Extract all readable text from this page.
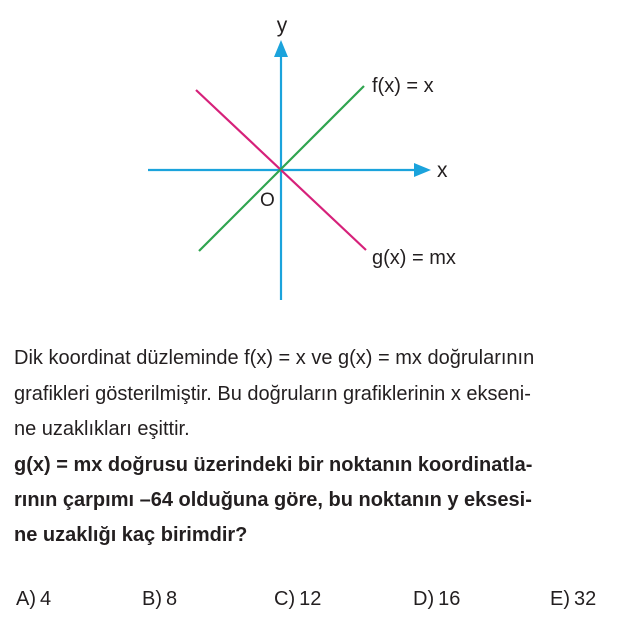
y
x
O
f(x) = x
g(x) = mx
Dik koordinat düzleminde f(x) = x ve g(x) = mx doğrularının
grafikleri gösterilmiştir. Bu doğruların grafiklerinin x ekseni-
ne uzaklıkları eşittir.
g(x) = mx doğrusu üzerindeki bir noktanın koordinatla-
rının çarpımı –64 olduğuna göre, bu noktanın y eksesi-
ne uzaklığı kaç birimdir?
A) 4	B) 8	C) 12	D) 16	E) 32
